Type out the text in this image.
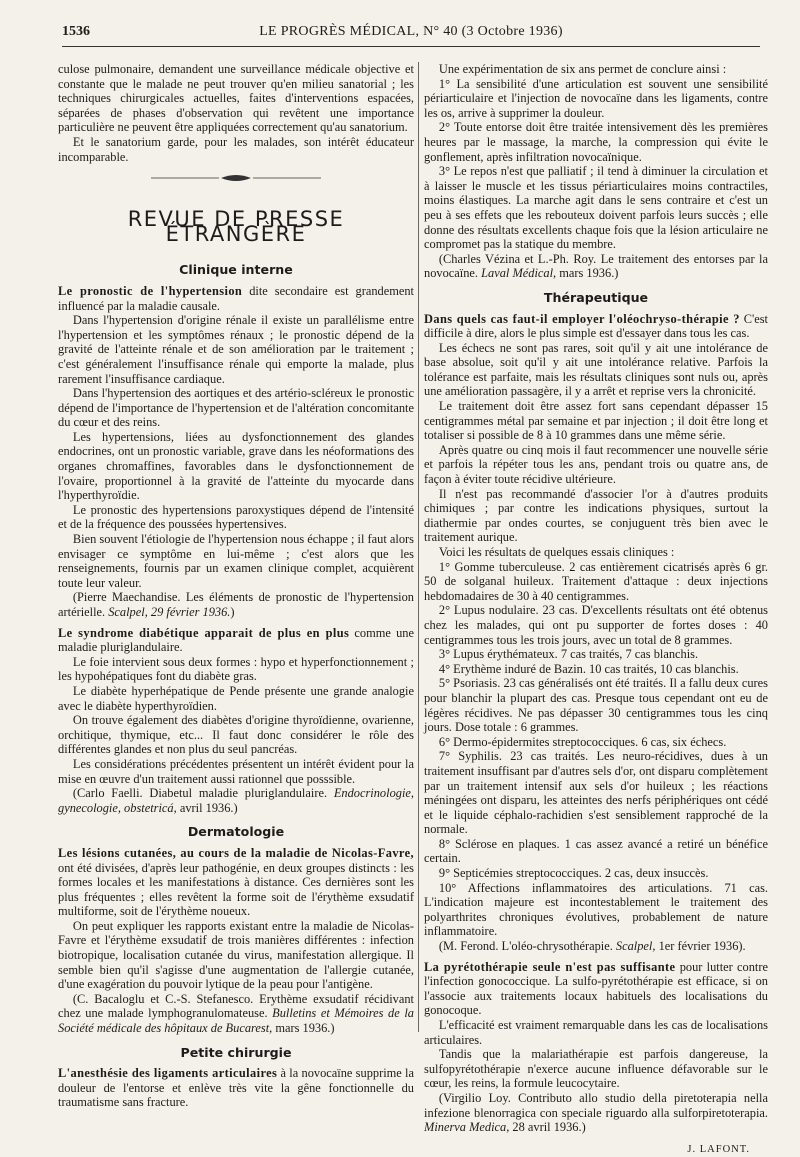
1536	LE PROGRÈS MÉDICAL, N° 40 (3 Octobre 1936)

culose pulmonaire, demandent une surveillance médicale objective et constante que le malade ne peut trouver qu'en milieu sanatorial ; les techniques chirurgicales actuelles, faites d'interventions espacées, séparées de phases d'observation qui revêtent une importance particulière ne peuvent être appliquées correctement qu'au sanatorium.

Et le sanatorium garde, pour les malades, son intérêt éducateur incomparable.

REVUE DE PRESSE ÉTRANGÈRE
Clinique interne

Le pronostic de l'hypertension dite secondaire est grandement influencé par la maladie causale.

Dans l'hypertension d'origine rénale il existe un parallélisme entre l'hypertension et les symptômes rénaux ; le pronostic dépend de la gravité de l'atteinte rénale et de son amélioration par le traitement ; c'est généralement l'insuffisance rénale qui emporte la malade, plus rarement l'insuffisance cardiaque.

Dans l'hypertension des aortiques et des artério-scléreux le pronostic dépend de l'importance de l'hypertension et de l'altération concomitante du cœur et des reins.

Les hypertensions, liées au dysfonctionnement des glandes endocrines, ont un pronostic variable, grave dans les néoformations des organes chromaffines, favorables dans le dysfonctionnement de l'ovaire, proportionnel à la gravité de l'atteinte du myocarde dans l'hyperthyroïdie.

Le pronostic des hypertensions paroxystiques dépend de l'intensité et de la fréquence des poussées hypertensives.

Bien souvent l'étiologie de l'hypertension nous échappe ; il faut alors envisager ce symptôme en lui-même ; c'est alors que les renseignements, fournis par un examen clinique complet, acquièrent toute leur valeur.

(Pierre Maechandise. Les éléments de pronostic de l'hypertension artérielle. Scalpel, 29 février 1936.)

Le syndrome diabétique apparait de plus en plus comme une maladie pluriglandulaire.

Le foie intervient sous deux formes : hypo et hyperfonctionnement ; les hypohépatiques font du diabète gras.

Le diabète hyperhépatique de Pende présente une grande analogie avec le diabète hyperthyroïdien.

On trouve également des diabètes d'origine thyroïdienne, ovarienne, orchitique, thymique, etc... Il faut donc considérer le rôle des différentes glandes et non plus du seul pancréas.

Les considérations précédentes présentent un intérêt évident pour la mise en œuvre d'un traitement aussi rationnel que posssible.

(Carlo Faelli. Diabetul maladie pluriglandulaire. Endocrinologie, gynecologie, obstetricá, avril 1936.)

Dermatologie

Les lésions cutanées, au cours de la maladie de Nicolas-Favre, ont été divisées, d'après leur pathogénie, en deux groupes distincts : les formes locales et les manifestations à distance. Ces dernières sont les plus fréquentes ; elles revêtent la forme soit de l'érythème exsudatif multiforme, soit de l'érythème noueux.

On peut expliquer les rapports existant entre la maladie de Nicolas-Favre et l'érythème exsudatif de trois manières différentes : infection biotropique, localisation cutanée du virus, manifestation allergique. Il semble bien qu'il s'agisse d'une augmentation de l'allergie cutanée, d'une exagération du pouvoir lytique de la peau pour l'antigène.

(C. Bacaloglu et C.-S. Stefanesco. Erythème exsudatif récidivant chez une malade lymphogranulomateuse. Bulletins et Mémoires de la Société médicale des hôpitaux de Bucarest, mars 1936.)

Petite chirurgie

L'anesthésie des ligaments articulaires à la novocaïne supprime la douleur de l'entorse et enlève très vite la gêne fonctionnelle du traumatisme sans fracture.

Une expérimentation de six ans permet de conclure ainsi :

1° La sensibilité d'une articulation est souvent une sensibilité périarticulaire et l'injection de novocaïne dans les ligaments, contre les os, arrive à supprimer la douleur.

2° Toute entorse doit être traitée intensivement dès les premières heures par le massage, la marche, la compression qui évite le gonflement, après infiltration novocaïnique.

3° Le repos n'est que palliatif ; il tend à diminuer la circulation et à laisser le muscle et les tissus périarticulaires moins contractiles, moins élastiques. La marche agit dans le sens contraire et c'est un peu à ses effets que les rebouteux doivent parfois leurs succès ; elle donne des résultats excellents chaque fois que la lésion articulaire ne compromet pas la statique du membre.

(Charles Vézina et L.-Ph. Roy. Le traitement des entorses par la novocaïne. Laval Médical, mars 1936.)

Thérapeutique

Dans quels cas faut-il employer l'oléochryso-thérapie ? C'est difficile à dire, alors le plus simple est d'essayer dans tous les cas.

Les échecs ne sont pas rares, soit qu'il y ait une intolérance de base absolue, soit qu'il y ait une intolérance relative. Parfois la tolérance est parfaite, mais les résultats cliniques sont nuls ou, après une amélioration passagère, il y a arrêt et reprise vers la chronicité.

Le traitement doit être assez fort sans cependant dépasser 15 centigrammes métal par semaine et par injection ; il doit être long et totaliser si possible de 8 à 10 grammes dans une même série.

Après quatre ou cinq mois il faut recommencer une nouvelle série et parfois la répéter tous les ans, pendant trois ou quatre ans, de façon à éviter toute récidive ultérieure.

Il n'est pas recommandé d'associer l'or à d'autres produits chimiques ; par contre les indications physiques, surtout la diathermie par ondes courtes, se conjuguent très bien avec le traitement aurique.

Voici les résultats de quelques essais cliniques :

1° Gomme tuberculeuse. 2 cas entièrement cicatrisés après 6 gr. 50 de solganal huileux. Traitement d'attaque : deux injections hebdomadaires de 30 à 40 centigrammes.

2° Lupus nodulaire. 23 cas. D'excellents résultats ont été obtenus chez les malades, qui ont pu supporter de fortes doses : 40 centigrammes tous les trois jours, avec un total de 8 grammes.

3° Lupus érythémateux. 7 cas traités, 7 cas blanchis.

4° Erythème induré de Bazin. 10 cas traités, 10 cas blanchis.

5° Psoriasis. 23 cas généralisés ont été traités. Il a fallu deux cures pour blanchir la plupart des cas. Presque tous cependant ont eu de légères récidives. Ne pas dépasser 30 centigrammes tous les cinq jours. Dose totale : 6 grammes.

6° Dermo-épidermites streptococciques. 6 cas, six échecs.

7° Syphilis. 23 cas traités. Les neuro-récidives, dues à un traitement insuffisant par d'autres sels d'or, ont disparu complètement par un traitement intensif aux sels d'or huileux ; les réactions méningées ont disparu, les atteintes des nerfs périphériques ont cédé et le liquide céphalo-rachidien s'est sensiblement rapproché de la normale.

8° Sclérose en plaques. 1 cas assez avancé a retiré un bénéfice certain.

9° Septicémies streptococciques. 2 cas, deux insuccès.

10° Affections inflammatoires des articulations. 71 cas. L'indication majeure est incontestablement le traitement des polyarthrites chroniques évolutives, probablement de nature inflammatoire.

(M. Ferond. L'oléo-chrysothérapie. Scalpel, 1er février 1936).

La pyrétothérapie seule n'est pas suffisante pour lutter contre l'infection gonococcique. La sulfo-pyrétothérapie est efficace, si on l'associe aux traitements locaux habituels des localisations du gonocoque.

L'efficacité est vraiment remarquable dans les cas de localisations articulaires.

Tandis que la malariathérapie est parfois dangereuse, la sulfopyrétothérapie n'exerce aucune influence défavorable sur le cœur, les reins, la formule leucocytaire.

(Virgilio Loy. Contributo allo studio della piretoterapia nella infezione blenorragica con speciale riguardo alla sulforpiretoterapia. Minerva Medica, 28 avril 1936.)

J. LAFONT.
